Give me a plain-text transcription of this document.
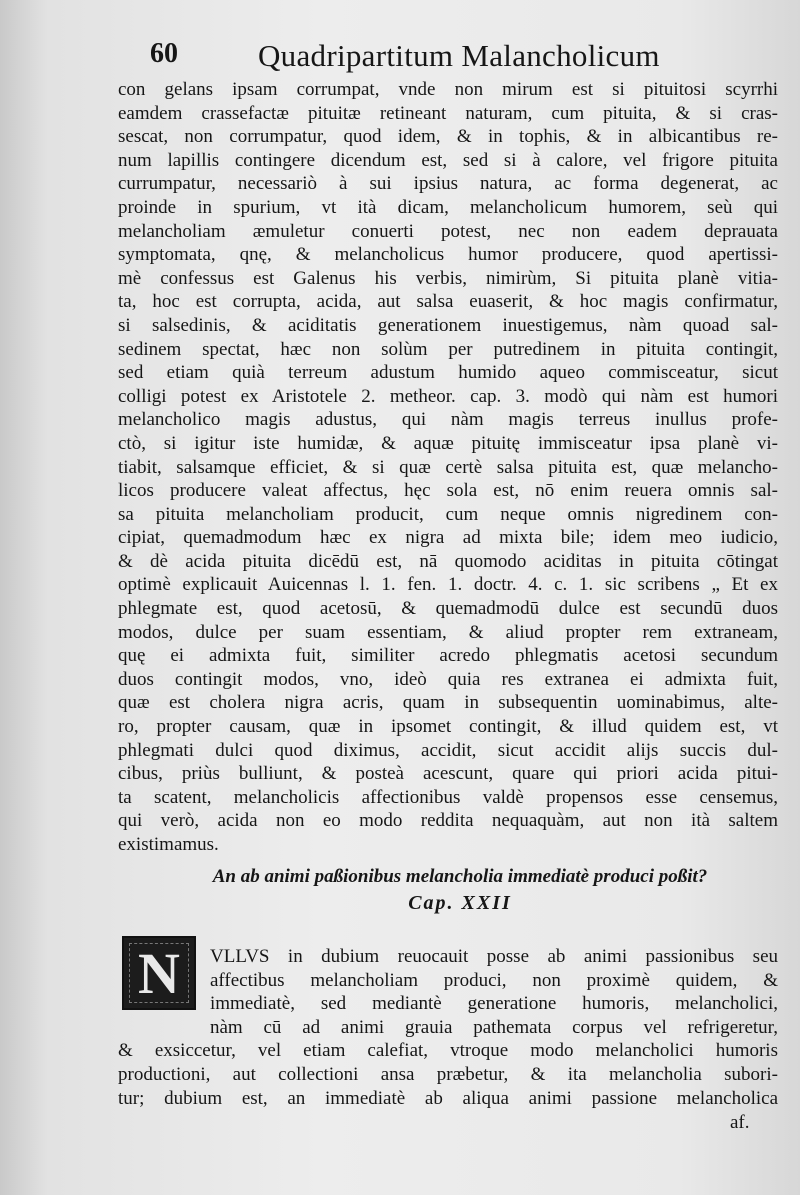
60	Quadripartitum Malancholicum
con gelans ipsam corrumpat, vnde non mirum est si pituitosi scyrrhi
eamdem crassefactæ pituitæ retineant naturam, cum pituita, & si cras-
sescat, non corrumpatur, quod idem, & in tophis, & in albicantibus re-
num lapillis contingere dicendum est, sed si à calore, vel frigore pituita
currumpatur, necessariò à sui ipsius natura, ac forma degenerat, ac
proinde in spurium, vt ità dicam, melancholicum humorem, seù qui
melancholiam æmuletur conuerti potest, nec non eadem deprauata
symptomata, qnę, & melancholicus humor producere, quod apertissi-
mè confessus est Galenus his verbis, nimirùm, Si pituita planè vitia-
ta, hoc est corrupta, acida, aut salsa euaserit, & hoc magis confirmatur,
si salsedinis, & aciditatis generationem inuestigemus, nàm quoad sal-
sedinem spectat, hæc non solùm per putredinem in pituita contingit,
sed etiam quià terreum adustum humido aqueo commisceatur, sicut
colligi potest ex Aristotele 2. metheor. cap. 3. modò qui nàm est humori
melancholico magis adustus, qui nàm magis terreus inullus profe-
ctò, si igitur iste humidæ, & aquæ pituitę immisceatur ipsa planè vi-
tiabit, salsamque efficiet, & si quæ certè salsa pituita est, quæ melancho-
licos producere valeat affectus, hęc sola est, nō enim reuera omnis sal-
sa pituita melancholiam producit, cum neque omnis nigredinem con-
cipiat, quemadmodum hæc ex nigra ad mixta bile; idem meo iudicio,
& dè acida pituita dicēdū est, nā quomodo aciditas in pituita cōtingat
optimè explicauit Auicennas l. 1. fen. 1. doctr. 4. c. 1. sic scribens „ Et ex
phlegmate est, quod acetosū, & quemadmodū dulce est secundū duos
modos, dulce per suam essentiam, & aliud propter rem extraneam,
quę ei admixta fuit, similiter acredo phlegmatis acetosi secundum
duos contingit modos, vno, ideò quia res extranea ei admixta fuit,
quæ est cholera nigra acris, quam in subsequentin uominabimus, alte-
ro, propter causam, quæ in ipsomet contingit, & illud quidem est, vt
phlegmati dulci quod diximus, accidit, sicut accidit alijs succis dul-
cibus, priùs bulliunt, & posteà acescunt, quare qui priori acida pitui-
ta scatent, melancholicis affectionibus valdè propensos esse censemus,
qui verò, acida non eo modo reddita nequaquàm, aut non ità saltem
existimamus.
An ab animi paßionibus melancholia immediatè produci poßit?
Cap. XXII
N	VLLVS in dubium reuocauit posse ab animi passionibus seu
affectibus melancholiam produci, non proximè quidem, &
immediatè, sed mediantè generatione humoris, melancholici,
nàm cū ad animi grauia pathemata corpus vel refrigeretur,
& exsiccetur, vel etiam calefiat, vtroque modo melancholici humoris
productioni, aut collectioni ansa præbetur, & ita melancholia subori-
tur; dubium est, an immediatè ab aliqua animi passione melancholica
af.
